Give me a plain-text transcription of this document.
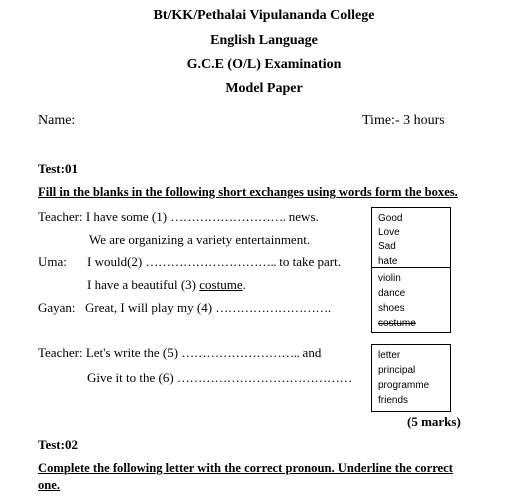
Bt/KK/Pethalai Vipulananda College
English Language
G.C.E (O/L) Examination
Model Paper
Name:	Time:- 3 hours
Test:01
Fill in the blanks in the following short exchanges using words form the boxes.
Teacher: I have some (1) ………………………. news.
We are organizing a variety entertainment.
Uma: I would(2) ………………………….. to take part.
I have a beautiful (3) costume.
Gayan: Great, I will play my (4) ……………………….
Teacher: Let's write the (5) ……………………….. and
Give it to the (6) ……………………………………
Good
Love
Sad
hate
violin
dance
shoes
costume
letter
principal
programme
friends
(5 marks)
Test:02
Complete the following letter with the correct pronoun. Underline the correct
one.
